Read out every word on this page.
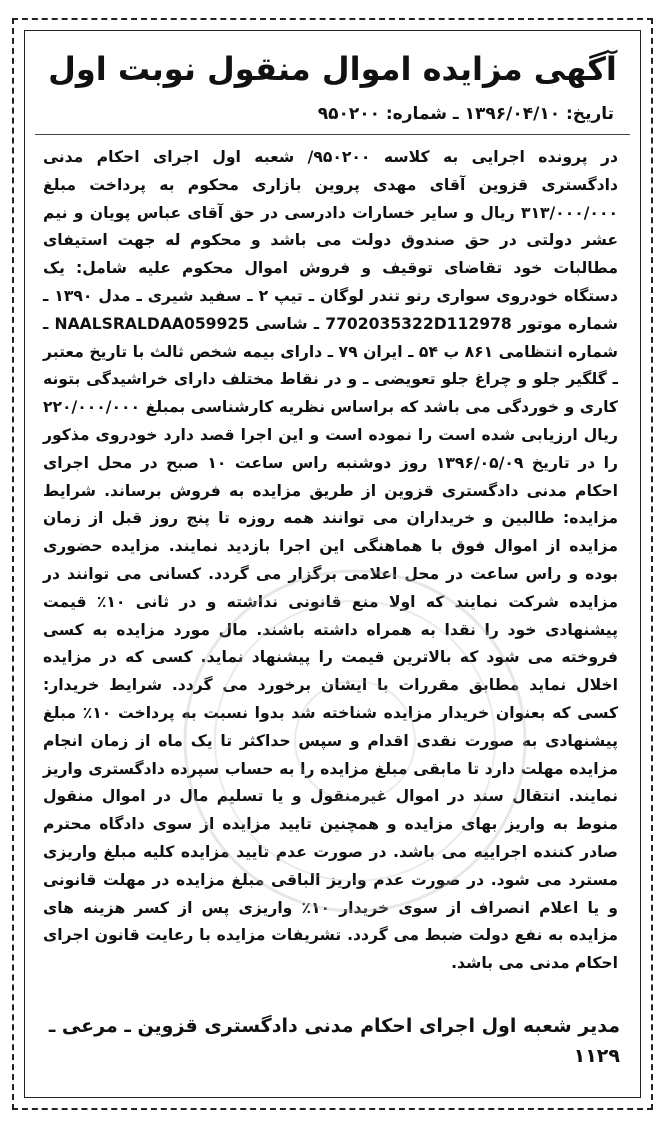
آگهی مزایده اموال منقول نوبت اول
تاریخ: ۱۳۹۶/۰۴/۱۰ ـ شماره: ۹۵۰۲۰۰
در پرونده اجرایی به کلاسه ۹۵۰۲۰۰/ شعبه اول اجرای احکام مدنی دادگستری قزوین آقای مهدی پروین بازاری محکوم به پرداخت مبلغ ۳۱۳/۰۰۰/۰۰۰ ریال و سایر خسارات دادرسی در حق آقای عباس پویان و نیم عشر دولتی در حق صندوق دولت می باشد و محکوم له جهت استیفای مطالبات خود تقاضای توقیف و فروش اموال محکوم علیه شامل: یک دستگاه خودروی سواری رنو تندر لوگان ـ تیپ ۲ ـ سفید شیری ـ مدل ۱۳۹۰ ـ شماره موتور 7702035322D112978 ـ شاسی NAALSRALDAA059925 ـ شماره انتظامی ۸۶۱ ب ۵۴ ـ ایران ۷۹ ـ دارای بیمه شخص ثالث با تاریخ معتبر ـ گلگیر جلو و چراغ جلو تعویضی ـ و در نقاط مختلف دارای خراشیدگی بتونه کاری و خوردگی می باشد که براساس نظریه کارشناسی بمبلغ ۲۲۰/۰۰۰/۰۰۰ ریال ارزیابی شده است را نموده است و این اجرا قصد دارد خودروی مذکور را در تاریخ ۱۳۹۶/۰۵/۰۹ روز دوشنبه راس ساعت ۱۰ صبح در محل اجرای احکام مدنی دادگستری قزوین از طریق مزایده به فروش برساند. شرایط مزایده: طالبین و خریداران می توانند همه روزه تا پنج روز قبل از زمان مزایده از اموال فوق با هماهنگی این اجرا بازدید نمایند. مزایده حضوری بوده و راس ساعت در محل اعلامی برگزار می گردد. کسانی می توانند در مزایده شرکت نمایند که اولا منع قانونی نداشته و در ثانی ۱۰٪ قیمت پیشنهادی خود را نقدا به همراه داشته باشند. مال مورد مزایده به کسی فروخته می شود که بالاترین قیمت را پیشنهاد نماید. کسی که در مزایده اخلال نماید مطابق مقررات با ایشان برخورد می گردد. شرایط خریدار: کسی که بعنوان خریدار مزایده شناخته شد بدوا نسبت به پرداخت ۱۰٪ مبلغ پیشنهادی به صورت نقدی اقدام و سپس حداکثر تا یک ماه از زمان انجام مزایده مهلت دارد تا مابقی مبلغ مزایده را به حساب سپرده دادگستری واریز نمایند. انتقال سند در اموال غیرمنقول و یا تسلیم مال در اموال منقول منوط به واریز بهای مزایده و همچنین تایید مزایده از سوی دادگاه محترم صادر کننده اجراییه می باشد. در صورت عدم تایید مزایده کلیه مبلغ واریزی مسترد می شود. در صورت عدم واریز الباقی مبلغ مزایده در مهلت قانونی و یا اعلام انصراف از سوی خریدار ۱۰٪ واریزی پس از کسر هزینه های مزایده به نفع دولت ضبط می گردد. تشریفات مزایده با رعایت قانون اجرای احکام مدنی می باشد.
مدیر شعبه اول اجرای احکام مدنی دادگستری قزوین ـ مرعی ـ ۱۱۲۹
